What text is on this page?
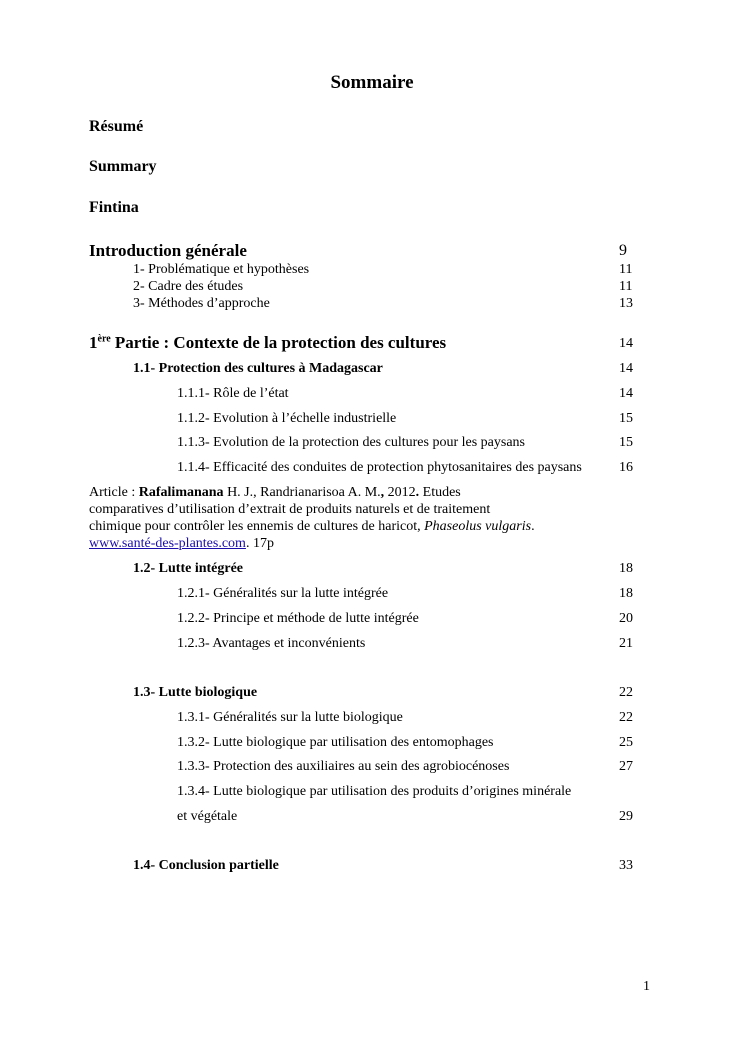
Sommaire
Résumé
Summary
Fintina
Introduction générale	9
1- Problématique et hypothèses	11
2- Cadre des études	11
3- Méthodes d’approche	13
1ère Partie : Contexte de la protection des cultures	14
1.1- Protection des cultures à Madagascar	14
1.1.1- Rôle de l’état	14
1.1.2- Evolution à l’échelle industrielle	15
1.1.3- Evolution de la protection des cultures pour les paysans	15
1.1.4- Efficacité des conduites de protection phytosanitaires des paysans	16
Article : Rafalimanana H. J., Randrianarisoa A. M., 2012. Etudes
comparatives d’utilisation d’extrait de produits naturels et de traitement
chimique pour contrôler les ennemis de cultures de haricot, Phaseolus vulgaris.
www.santé-des-plantes.com. 17p
1.2- Lutte intégrée	18
1.2.1- Généralités sur la lutte intégrée	18
1.2.2- Principe et méthode de lutte intégrée	20
1.2.3- Avantages et inconvénients	21
1.3- Lutte biologique	22
1.3.1- Généralités sur la lutte biologique	22
1.3.2- Lutte biologique par utilisation des entomophages	25
1.3.3- Protection des auxiliaires au sein des agrobiocénoses	27
1.3.4- Lutte biologique par utilisation des produits d’origines minérale
et végétale	29
1.4- Conclusion partielle	33
1
